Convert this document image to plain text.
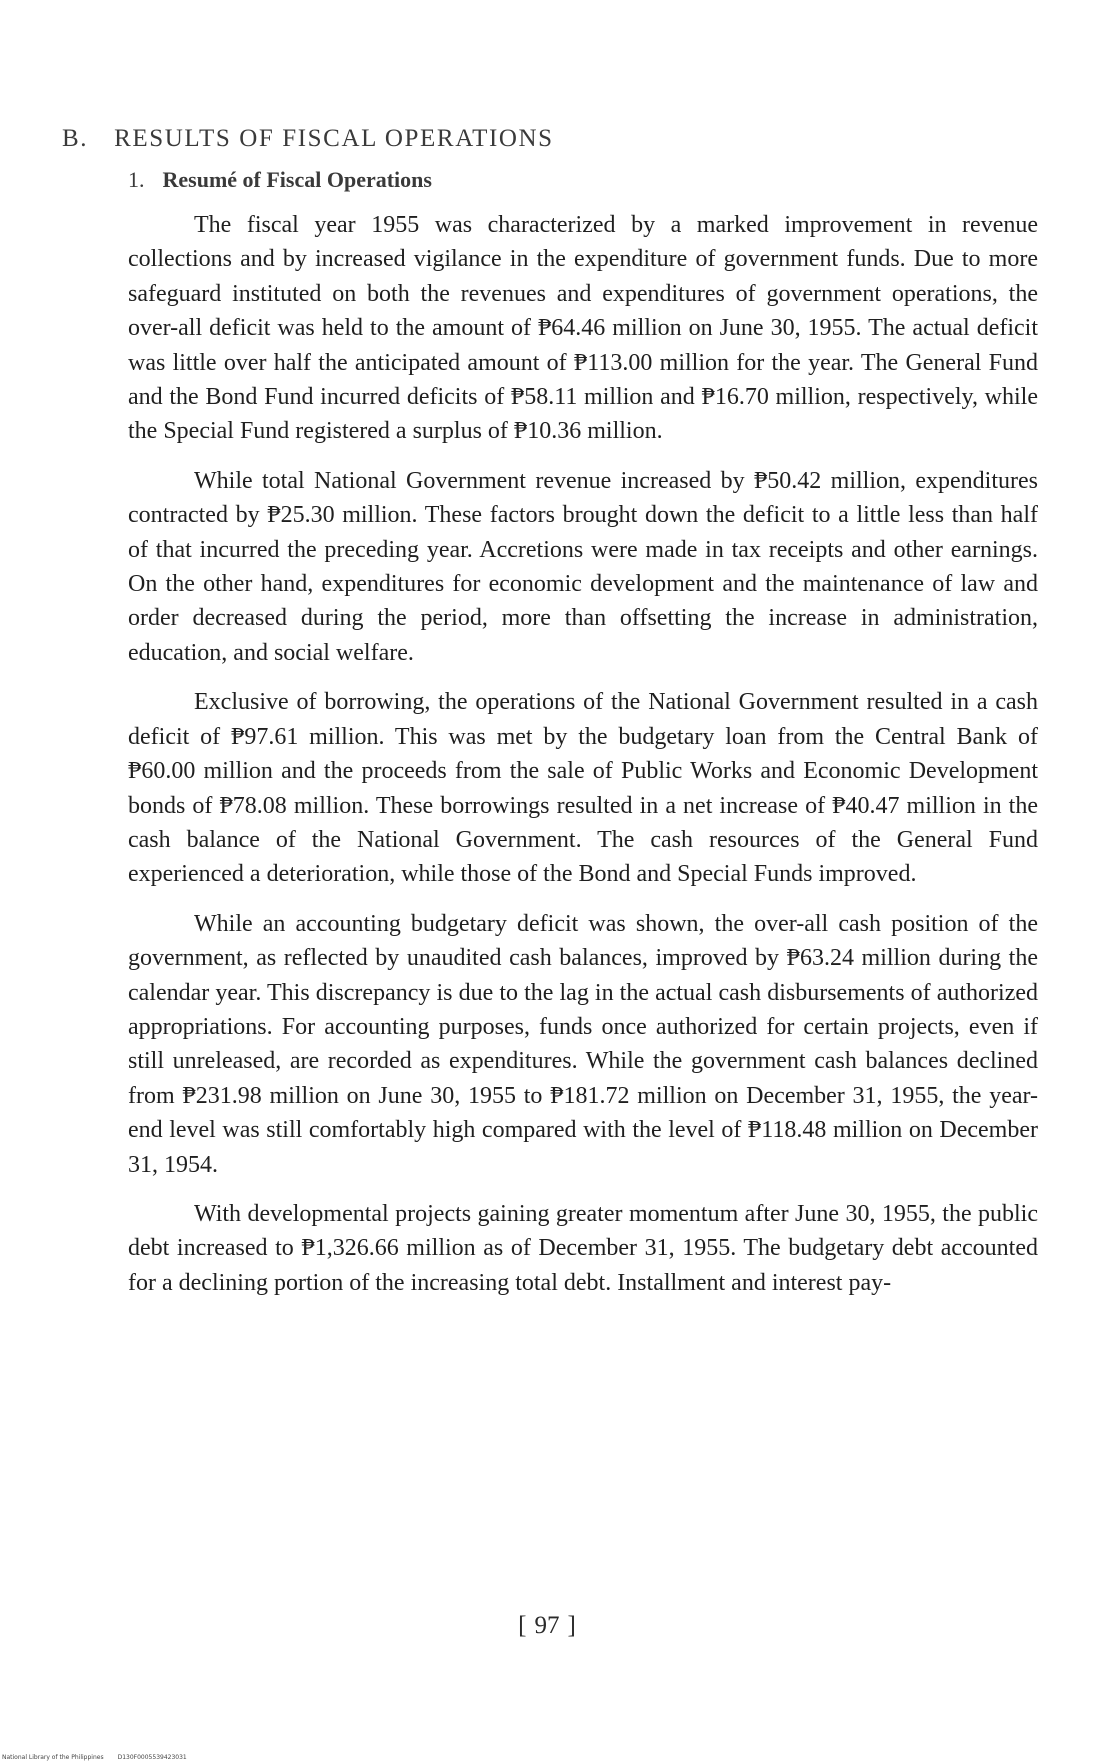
B. RESULTS OF FISCAL OPERATIONS
1. Resumé of Fiscal Operations

The fiscal year 1955 was characterized by a marked improvement in revenue collections and by increased vigilance in the expenditure of government funds. Due to more safeguard instituted on both the revenues and expenditures of government operations, the over-all deficit was held to the amount of ₱64.46 million on June 30, 1955. The actual deficit was little over half the anticipated amount of ₱113.00 million for the year. The General Fund and the Bond Fund incurred deficits of ₱58.11 million and ₱16.70 million, respectively, while the Special Fund registered a surplus of ₱10.36 million.

While total National Government revenue increased by ₱50.42 million, expenditures contracted by ₱25.30 million. These factors brought down the deficit to a little less than half of that incurred the preceding year. Accretions were made in tax receipts and other earnings. On the other hand, expenditures for economic development and the maintenance of law and order decreased during the period, more than offsetting the increase in administration, education, and social welfare.

Exclusive of borrowing, the operations of the National Government resulted in a cash deficit of ₱97.61 million. This was met by the budgetary loan from the Central Bank of ₱60.00 million and the proceeds from the sale of Public Works and Economic Development bonds of ₱78.08 million. These borrowings resulted in a net increase of ₱40.47 million in the cash balance of the National Government. The cash resources of the General Fund experienced a deterioration, while those of the Bond and Special Funds improved.

While an accounting budgetary deficit was shown, the over-all cash position of the government, as reflected by unaudited cash balances, improved by ₱63.24 million during the calendar year. This discrepancy is due to the lag in the actual cash disbursements of authorized appropriations. For accounting purposes, funds once authorized for certain projects, even if still unreleased, are recorded as expenditures. While the government cash balances declined from ₱231.98 million on June 30, 1955 to ₱181.72 million on December 31, 1955, the year-end level was still comfortably high compared with the level of ₱118.48 million on December 31, 1954.

With developmental projects gaining greater momentum after June 30, 1955, the public debt increased to ₱1,326.66 million as of December 31, 1955. The budgetary debt accounted for a declining portion of the increasing total debt. Installment and interest pay-

[ 97 ]
National Library of the Philippines D130F0005539423031
